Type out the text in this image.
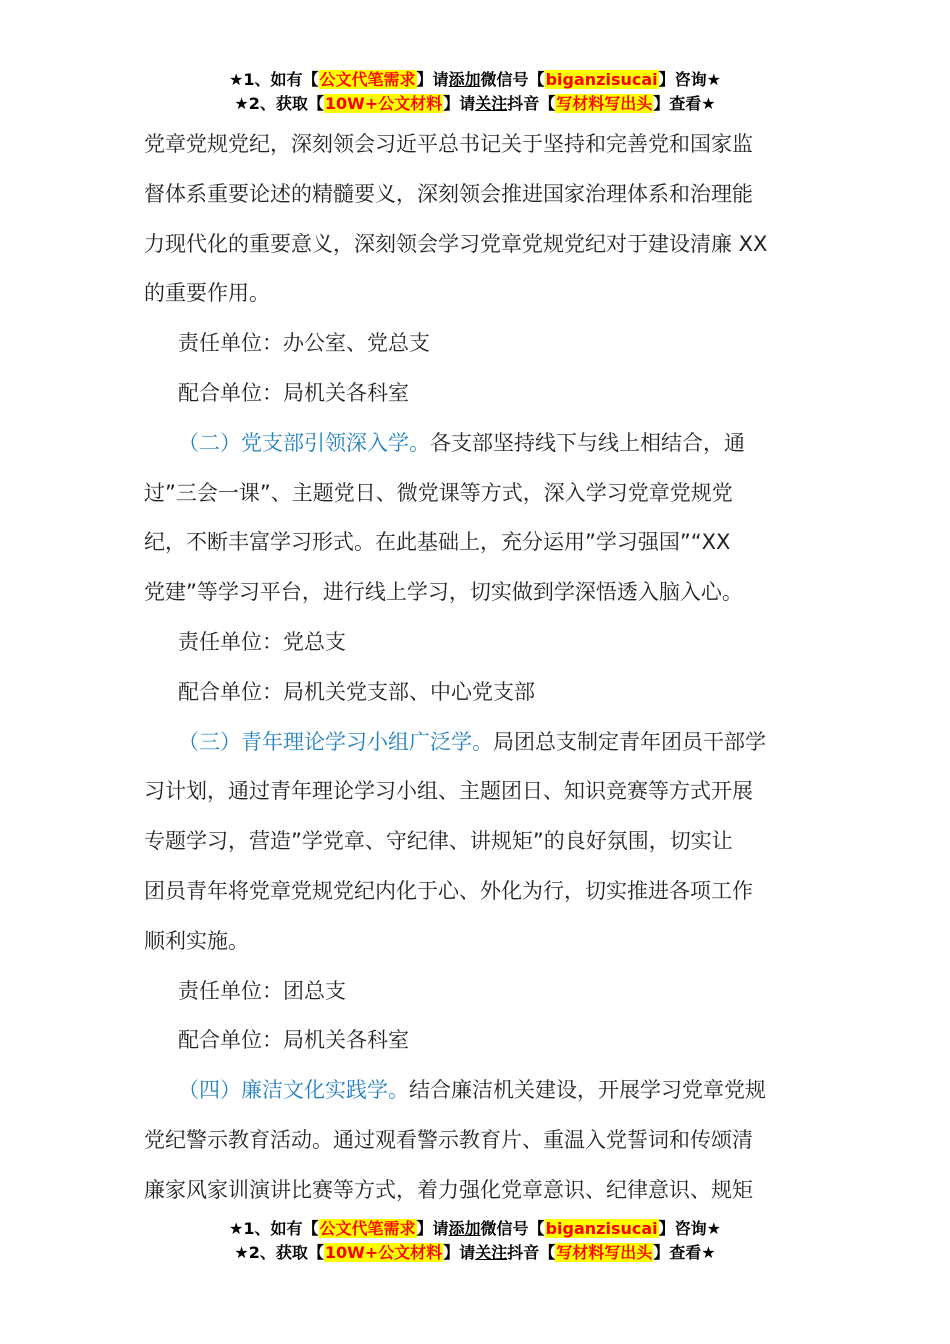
★1、如有【公文代笔需求】请添加微信号【biganzisucai】咨询★
★2、获取【10W+公文材料】请关注抖音【写材料写出头】查看★

党章党规党纪，深刻领会习近平总书记关于坚持和完善党和国家监

督体系重要论述的精髓要义，深刻领会推进国家治理体系和治理能

力现代化的重要意义，深刻领会学习党章党规党纪对于建设清廉 XX

的重要作用。

责任单位：办公室、党总支

配合单位：局机关各科室

（二）党支部引领深入学。各支部坚持线下与线上相结合，通

过”三会一课”、主题党日、微党课等方式，深入学习党章党规党

纪，不断丰富学习形式。在此基础上，充分运用”学习强国”“XX

党建”等学习平台，进行线上学习，切实做到学深悟透入脑入心。

责任单位：党总支

配合单位：局机关党支部、中心党支部

（三）青年理论学习小组广泛学。局团总支制定青年团员干部学

习计划，通过青年理论学习小组、主题团日、知识竞赛等方式开展

专题学习，营造”学党章、守纪律、讲规矩”的良好氛围，切实让

团员青年将党章党规党纪内化于心、外化为行，切实推进各项工作

顺利实施。

责任单位：团总支

配合单位：局机关各科室

（四）廉洁文化实践学。结合廉洁机关建设，开展学习党章党规

党纪警示教育活动。通过观看警示教育片、重温入党誓词和传颂清

廉家风家训演讲比赛等方式，着力强化党章意识、纪律意识、规矩

★1、如有【公文代笔需求】请添加微信号【biganzisucai】咨询★
★2、获取【10W+公文材料】请关注抖音【写材料写出头】查看★
